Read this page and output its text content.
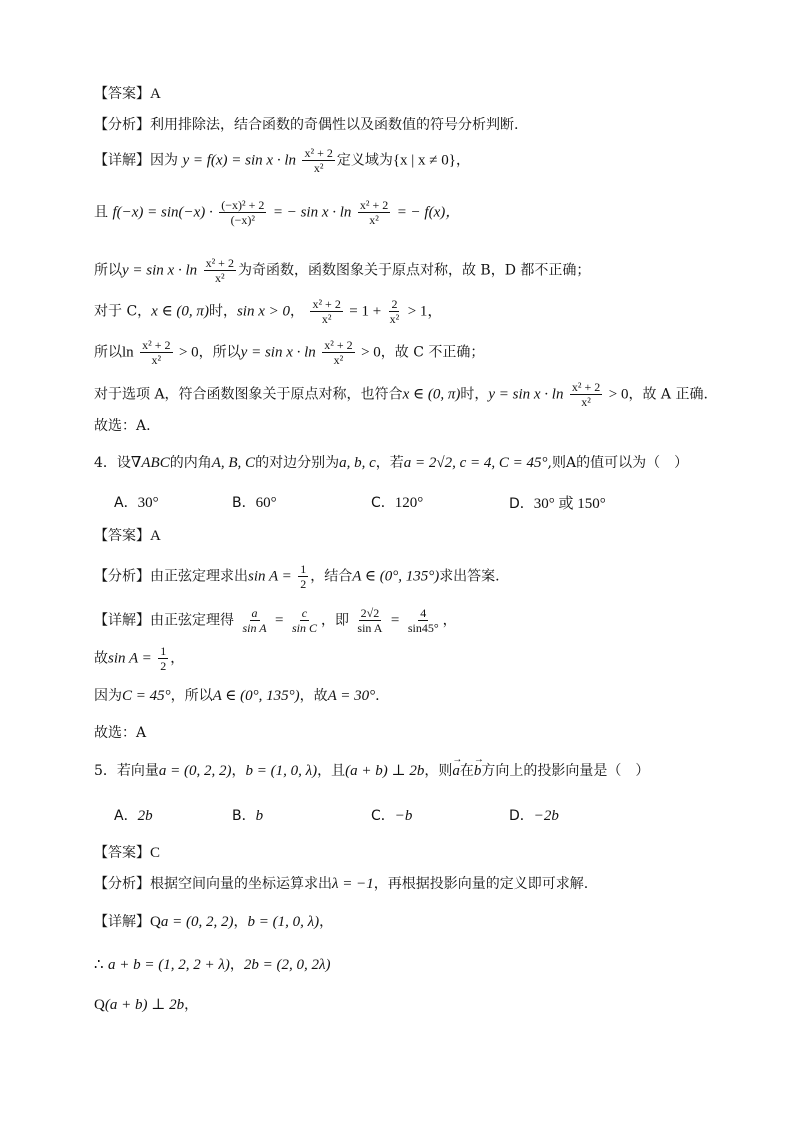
【答案】A
【分析】利用排除法，结合函数的奇偶性以及函数值的符号分析判断.
【详解】因为 $y = f(x) = \sin x \cdot \ln \frac{\text{x² + 2}}{\text{x²}}$ 定义域为{x | x ≠ 0}，
且 $f(-x) = \sin(-x) \cdot \frac{\text{(−x)² + 2}}{\text{(−x)²}}$ = − $\sin x \cdot \ln \frac{\text{x² + 2}}{\text{x²}}$ = − f(x)，
所以$y = \sin x \cdot \ln \frac{\text{x² + 2}}{\text{x²}}$ 为奇函数，函数图象关于原点对称，故 B，D 都不正确；
对于 C，x ∈ (0, π)时，sin x > 0， $\frac{\text{x² + 2}}{\text{x²}} = 1 + \frac{2}{\text{x²}} > 1$，
所以$\ln \frac{\text{x² + 2}}{\text{x²}} > 0$，所以$y = \sin x \cdot \ln \frac{\text{x² + 2}}{\text{x²}} > 0$，故 C 不正确；
对于选项 A，符合函数图象关于原点对称，也符合x ∈ (0, π)时，$y = \sin x \cdot \ln \frac{\text{x² + 2}}{\text{x²}} > 0$，故 A 正确.
故选：A.
4．设∇ABC的内角A, B, C的对边分别为a, b, c，若a = 2√2, c = 4, C = 45°,则A的值可以为（　）
A．30°	B．60°	C．120°	D．30° 或 150°
【答案】A
【分析】由正弦定理求出$\sin A = \frac{1}{2}$ ，结合A ∈ (0°, 135°)求出答案.
【详解】由正弦定理得 $\frac{a}{\text{sin A}} = \frac{c}{\text{sin C}}$ ，即 $\frac{2√2}{\text{sin A}} = \frac{4}{\sin 45^\circ}$ ，
故$\sin A = \frac{1}{2}$ ，
因为C = 45°，所以A ∈ (0°, 135°)，故A = 30°.
故选：A
5．若向量a = (0, 2, 2)，b = (1, 0, λ)，且(a + b) ⊥ 2b，则→ a在→ b方向上的投影向量是（　）
A．2b	B．b	C．−b	D．−2b
【答案】C
【分析】根据空间向量的坐标运算求出λ = −1，再根据投影向量的定义即可求解.
【详解】Qa = (0, 2, 2)，b = (1, 0, λ)，
∴ a + b = (1, 2, 2 + λ)，2b = (2, 0, 2λ)
Q(a + b) ⊥ 2b，
